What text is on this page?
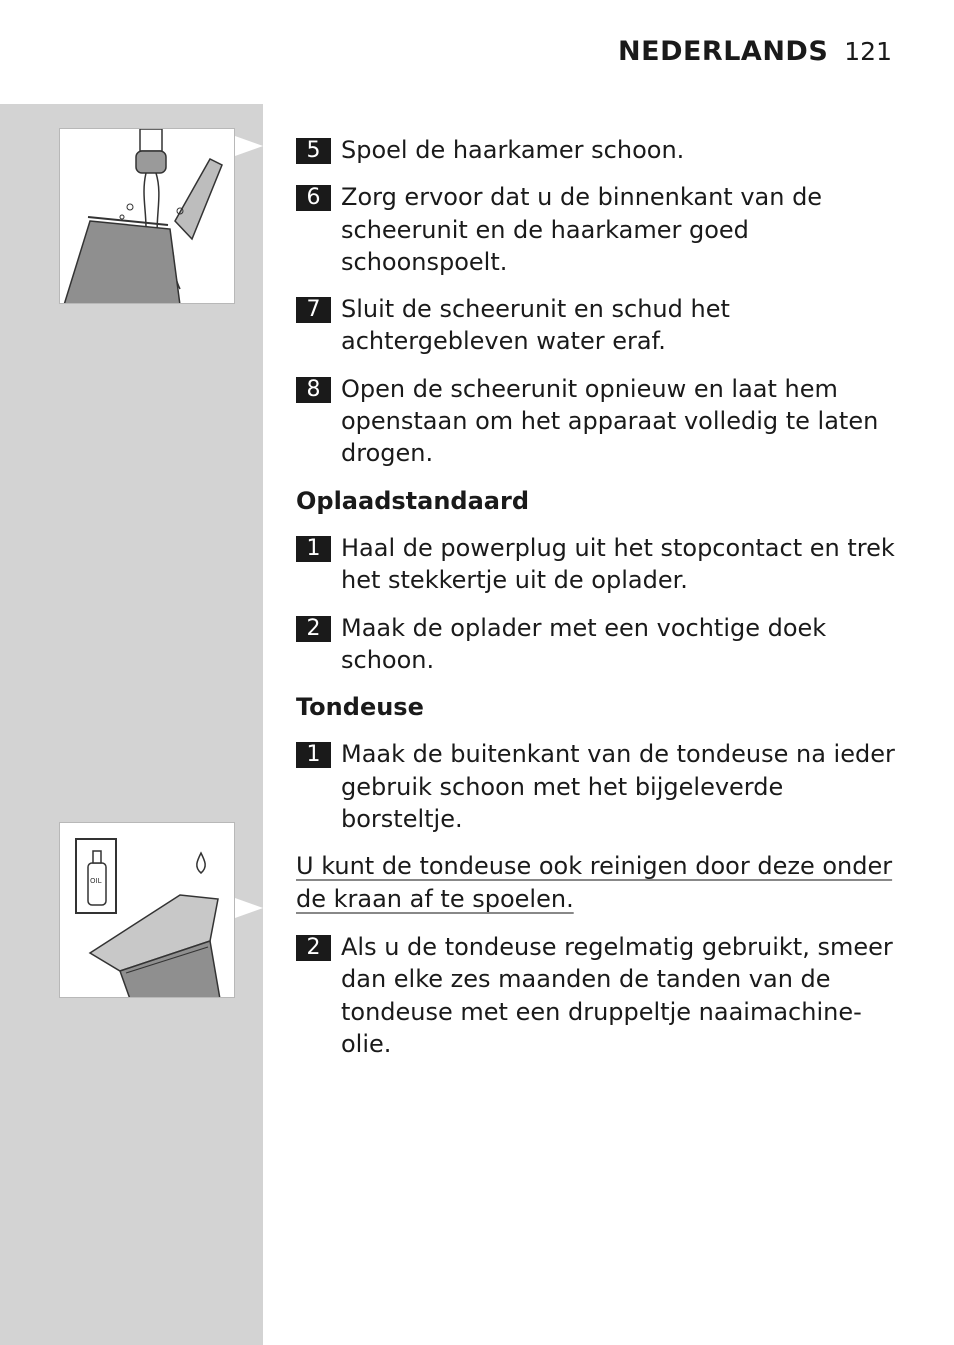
NEDERLANDS 121
OIL
5 Spoel de haarkamer schoon.
6 Zorg ervoor dat u de binnenkant van de scheerunit en de haarkamer goed schoonspoelt.
7 Sluit de scheerunit en schud het achtergebleven water eraf.
8 Open de scheerunit opnieuw en laat hem openstaan om het apparaat volledig te laten drogen.
Oplaadstandaard
1 Haal de powerplug uit het stopcontact en trek het stekkertje uit de oplader.
2 Maak de oplader met een vochtige doek schoon.
Tondeuse
1 Maak de buitenkant van de tondeuse na ieder gebruik schoon met het bijgeleverde borsteltje.
U kunt de tondeuse ook reinigen door deze onder de kraan af te spoelen.
2 Als u de tondeuse regelmatig gebruikt, smeer dan elke zes maanden de tanden van de tondeuse met een druppeltje naaimachine-olie.
